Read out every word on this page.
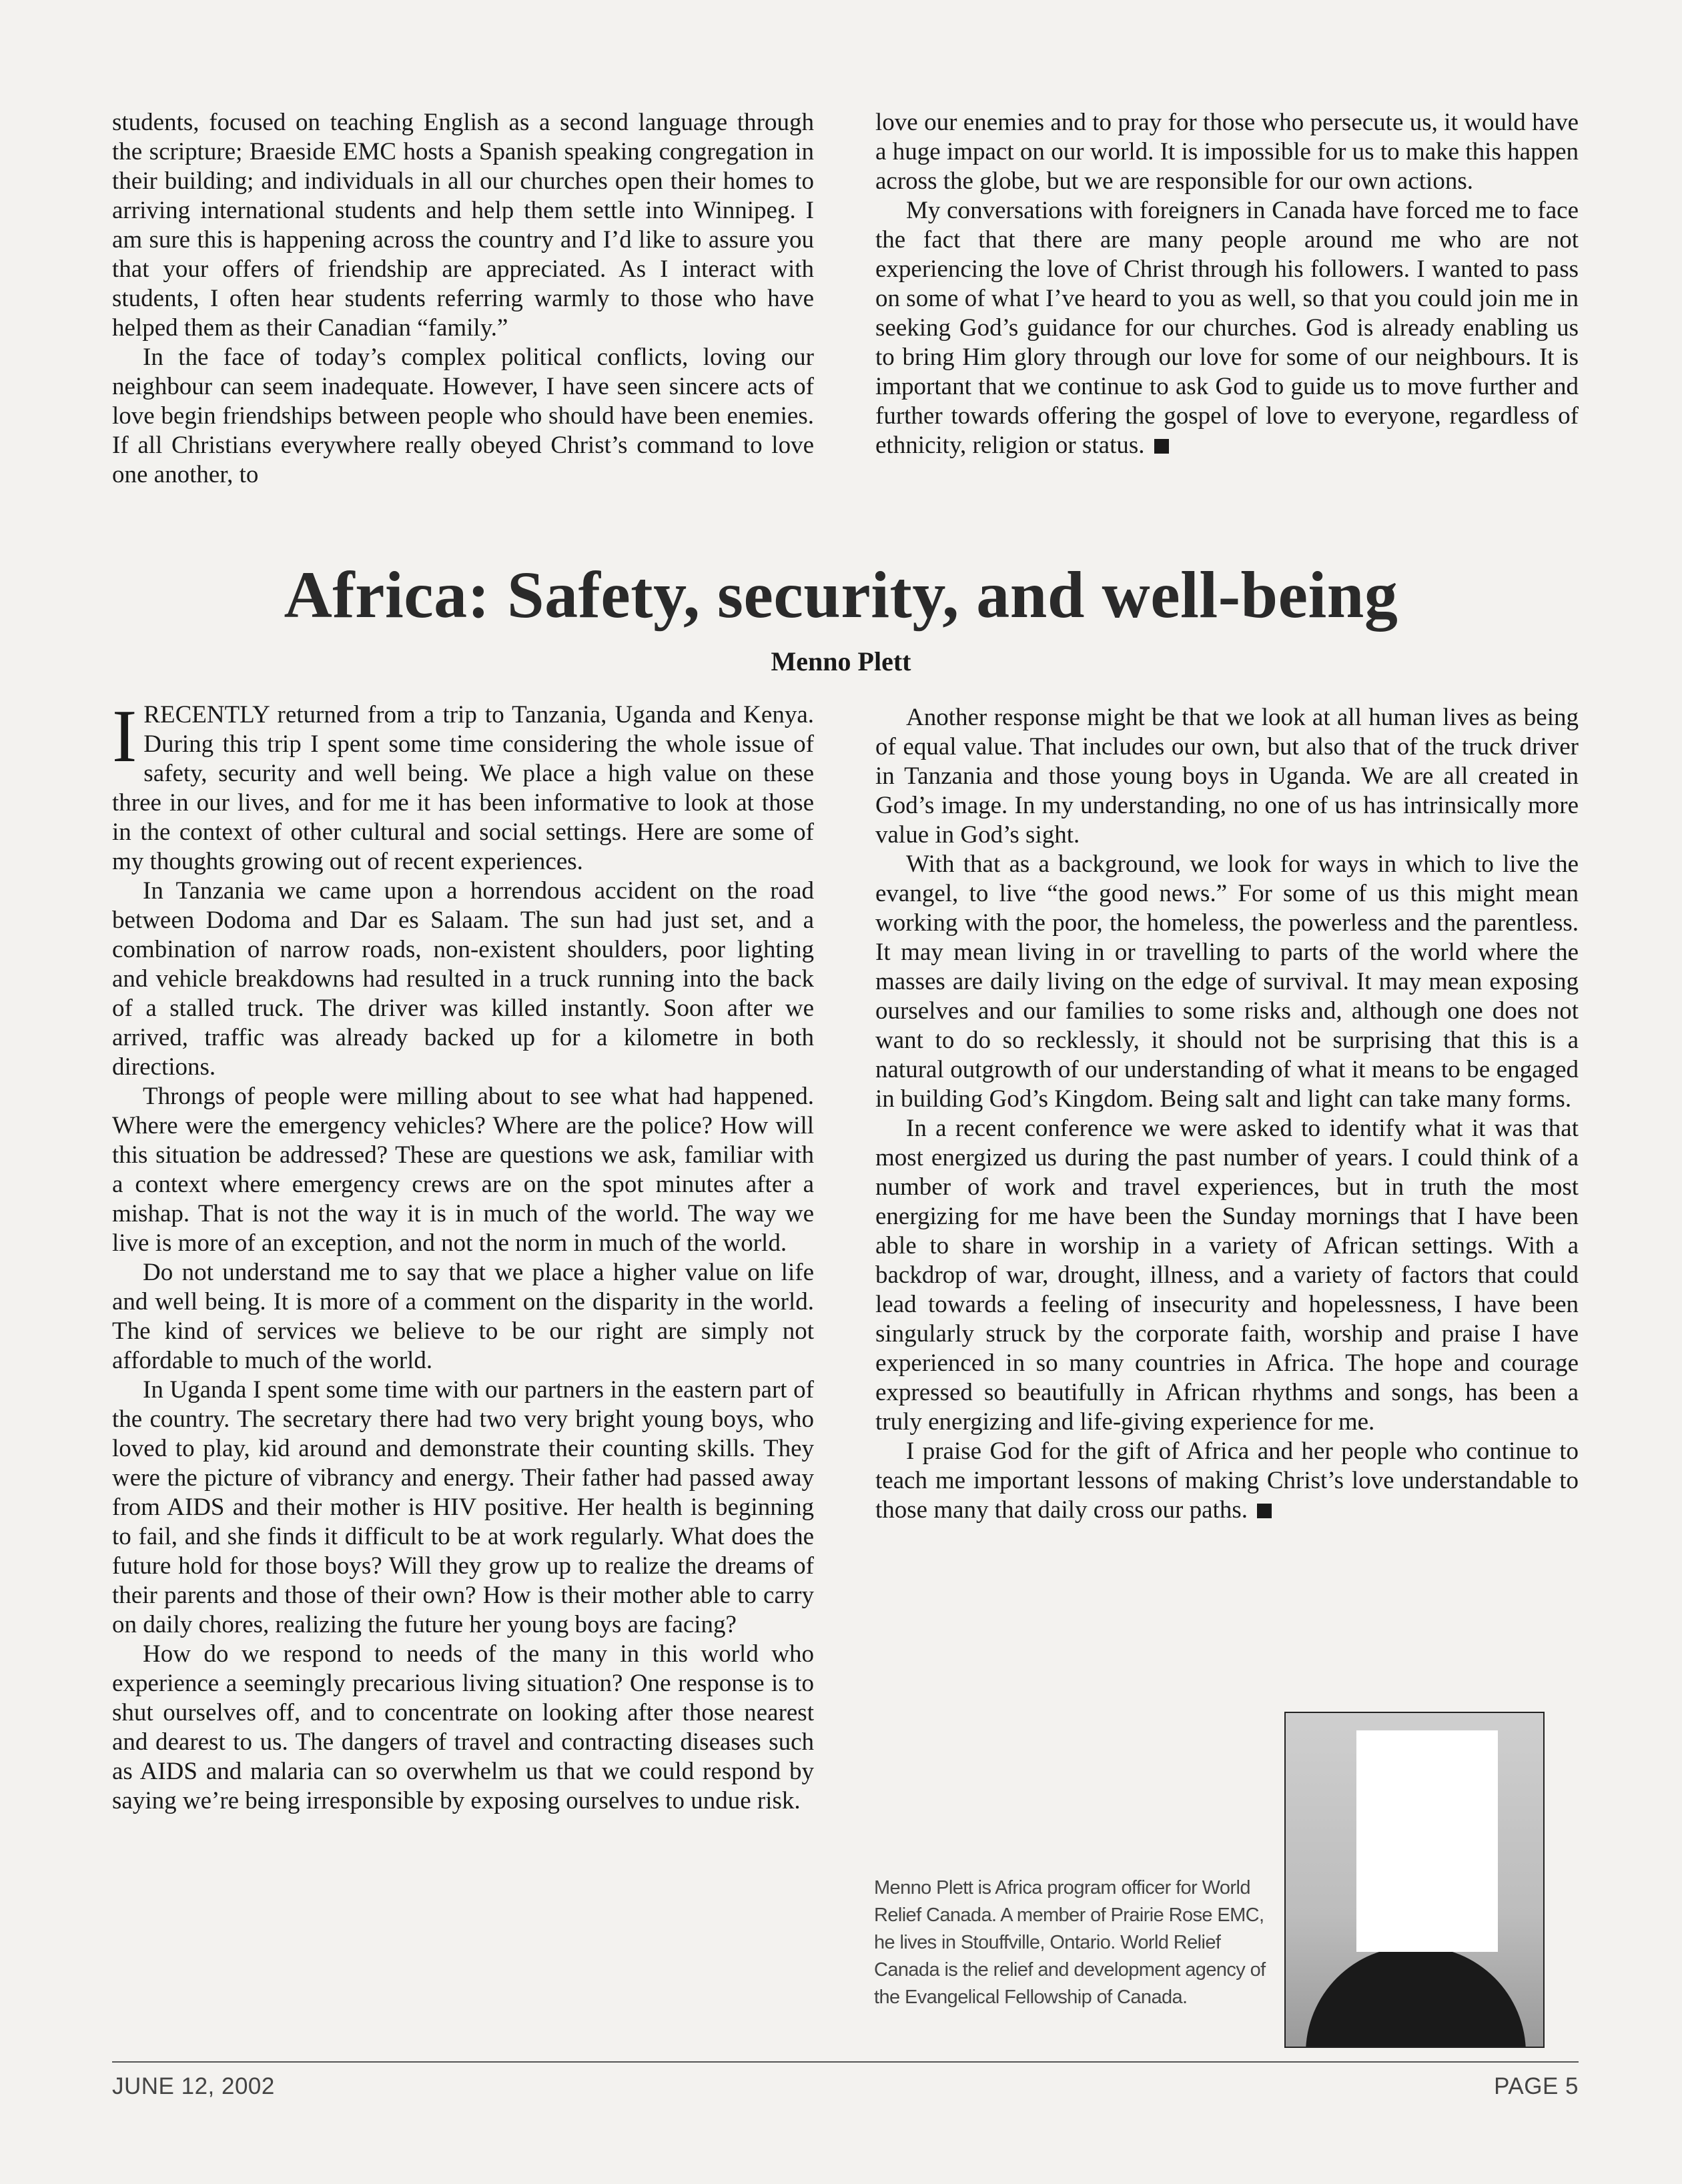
students, focused on teaching English as a second language through the scripture; Braeside EMC hosts a Spanish speaking congregation in their building; and individuals in all our churches open their homes to arriving international students and help them settle into Winnipeg. I am sure this is happening across the country and I’d like to assure you that your offers of friendship are appreciated. As I interact with students, I often hear students referring warmly to those who have helped them as their Canadian “family.”

In the face of today’s complex political conflicts, loving our neighbour can seem inadequate. However, I have seen sincere acts of love begin friendships between people who should have been enemies. If all Christians everywhere really obeyed Christ’s command to love one another, to

love our enemies and to pray for those who persecute us, it would have a huge impact on our world. It is impossible for us to make this happen across the globe, but we are responsible for our own actions.

My conversations with foreigners in Canada have forced me to face the fact that there are many people around me who are not experiencing the love of Christ through his followers. I wanted to pass on some of what I’ve heard to you as well, so that you could join me in seeking God’s guidance for our churches. God is already enabling us to bring Him glory through our love for some of our neighbours. It is important that we continue to ask God to guide us to move further and further towards offering the gospel of love to everyone, regardless of ethnicity, religion or status.

Africa: Safety, security, and well-being
Menno Plett

IRECENTLY returned from a trip to Tanzania, Uganda and Kenya. During this trip I spent some time considering the whole issue of safety, security and well being. We place a high value on these three in our lives, and for me it has been informative to look at those in the context of other cultural and social settings. Here are some of my thoughts growing out of recent experiences.

In Tanzania we came upon a horrendous accident on the road between Dodoma and Dar es Salaam. The sun had just set, and a combination of narrow roads, non-existent shoulders, poor lighting and vehicle breakdowns had resulted in a truck running into the back of a stalled truck. The driver was killed instantly. Soon after we arrived, traffic was already backed up for a kilometre in both directions.

Throngs of people were milling about to see what had happened. Where were the emergency vehicles? Where are the police? How will this situation be addressed? These are questions we ask, familiar with a context where emergency crews are on the spot minutes after a mishap. That is not the way it is in much of the world. The way we live is more of an exception, and not the norm in much of the world.

Do not understand me to say that we place a higher value on life and well being. It is more of a comment on the disparity in the world. The kind of services we believe to be our right are simply not affordable to much of the world.

In Uganda I spent some time with our partners in the eastern part of the country. The secretary there had two very bright young boys, who loved to play, kid around and demonstrate their counting skills. They were the picture of vibrancy and energy. Their father had passed away from AIDS and their mother is HIV positive. Her health is beginning to fail, and she finds it difficult to be at work regularly. What does the future hold for those boys? Will they grow up to realize the dreams of their parents and those of their own? How is their mother able to carry on daily chores, realizing the future her young boys are facing?

How do we respond to needs of the many in this world who experience a seemingly precarious living situation? One response is to shut ourselves off, and to concentrate on looking after those nearest and dearest to us. The dangers of travel and contracting diseases such as AIDS and malaria can so overwhelm us that we could respond by saying we’re being irresponsible by exposing ourselves to undue risk.

Another response might be that we look at all human lives as being of equal value. That includes our own, but also that of the truck driver in Tanzania and those young boys in Uganda. We are all created in God’s image. In my understanding, no one of us has intrinsically more value in God’s sight.

With that as a background, we look for ways in which to live the evangel, to live “the good news.” For some of us this might mean working with the poor, the homeless, the powerless and the parentless. It may mean living in or travelling to parts of the world where the masses are daily living on the edge of survival. It may mean exposing ourselves and our families to some risks and, although one does not want to do so recklessly, it should not be surprising that this is a natural outgrowth of our understanding of what it means to be engaged in building God’s Kingdom. Being salt and light can take many forms.

In a recent conference we were asked to identify what it was that most energized us during the past number of years. I could think of a number of work and travel experiences, but in truth the most energizing for me have been the Sunday mornings that I have been able to share in worship in a variety of African settings. With a backdrop of war, drought, illness, and a variety of factors that could lead towards a feeling of insecurity and hopelessness, I have been singularly struck by the corporate faith, worship and praise I have experienced in so many countries in Africa. The hope and courage expressed so beautifully in African rhythms and songs, has been a truly energizing and life-giving experience for me.

I praise God for the gift of Africa and her people who continue to teach me important lessons of making Christ’s love understandable to those many that daily cross our paths.

Menno Plett is Africa program officer for World Relief Canada. A member of Prairie Rose EMC, he lives in Stouffville, Ontario. World Relief Canada is the relief and development agency of the Evangelical Fellowship of Canada.
JUNE 12, 2002	PAGE 5
